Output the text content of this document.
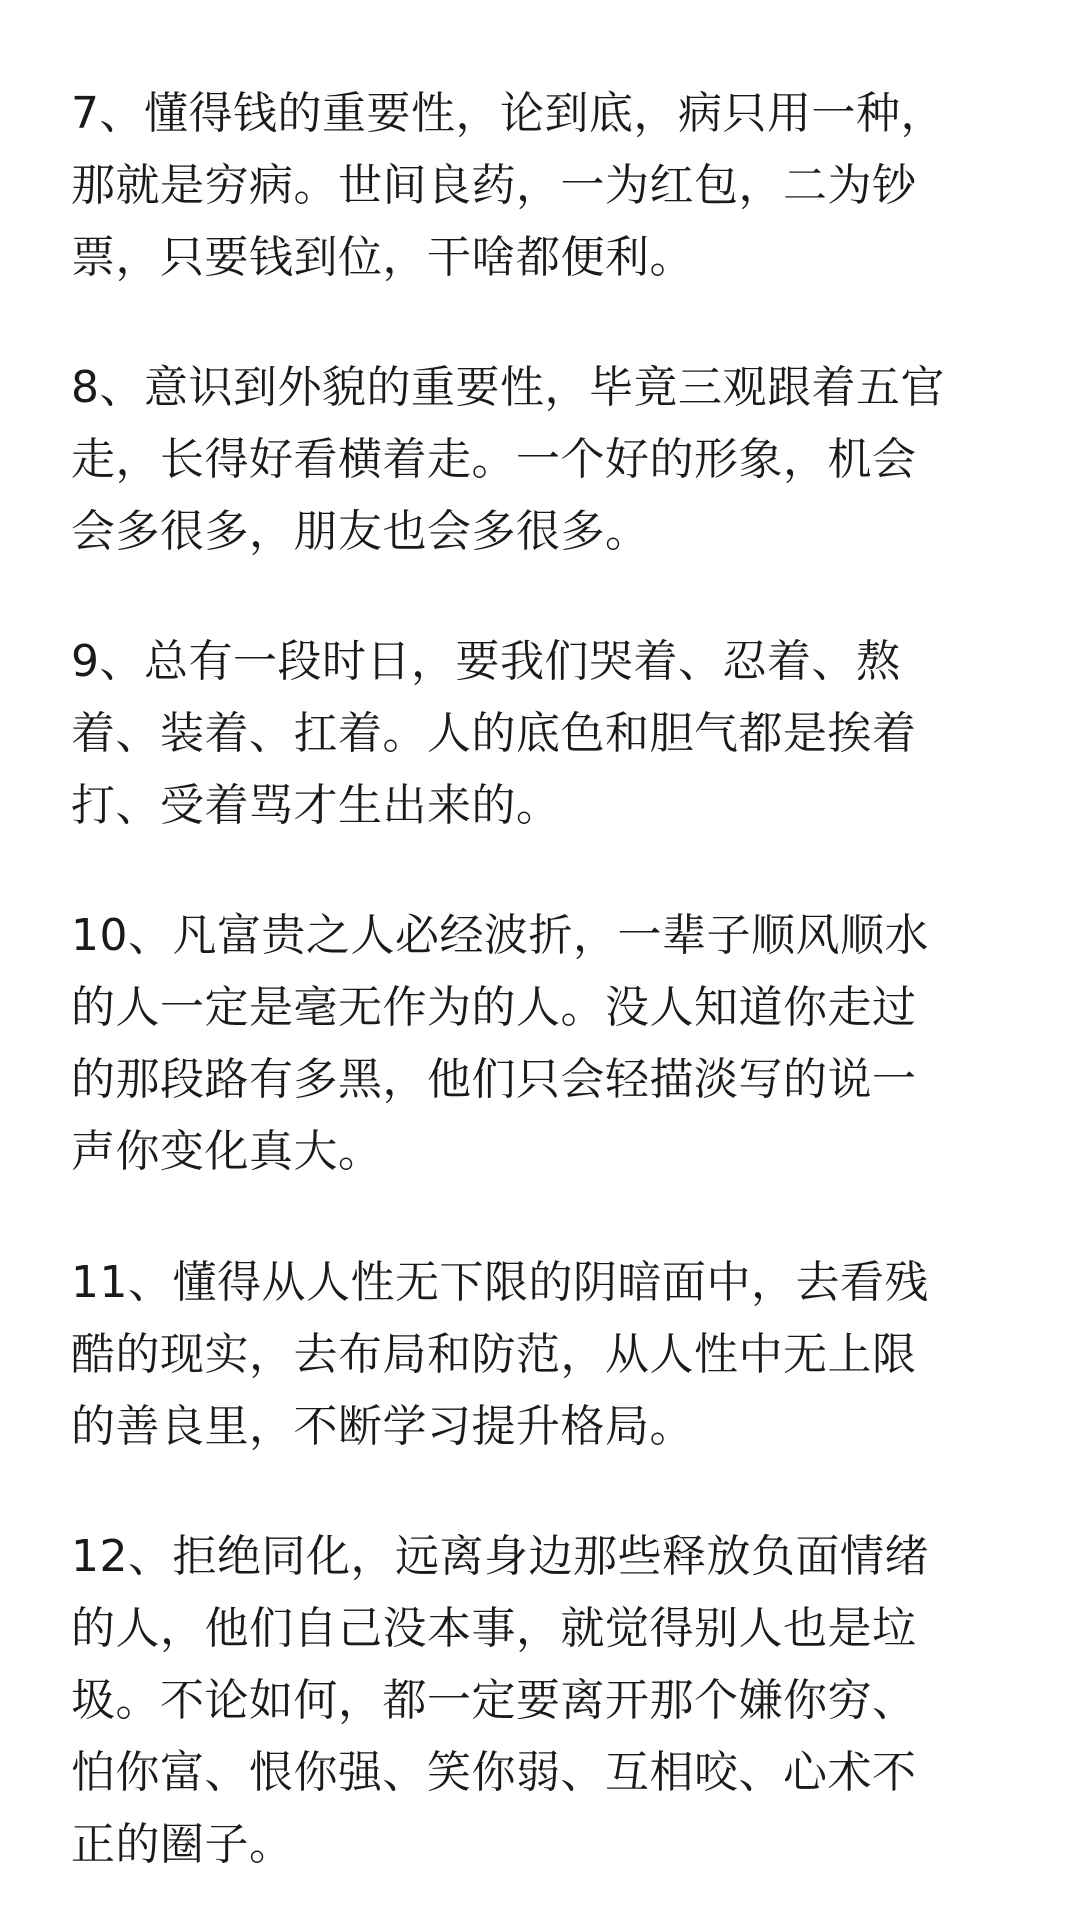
7、懂得钱的重要性，论到底，病只用一种，
那就是穷病。世间良药，一为红包，二为钞
票，只要钱到位，干啥都便利。

8、意识到外貌的重要性，毕竟三观跟着五官
走，长得好看横着走。一个好的形象，机会
会多很多，朋友也会多很多。

9、总有一段时日，要我们哭着、忍着、熬
着、装着、扛着。人的底色和胆气都是挨着
打、受着骂才生出来的。

10、凡富贵之人必经波折，一辈子顺风顺水
的人一定是毫无作为的人。没人知道你走过
的那段路有多黑，他们只会轻描淡写的说一
声你变化真大。

11、懂得从人性无下限的阴暗面中，去看残
酷的现实，去布局和防范，从人性中无上限
的善良里，不断学习提升格局。

12、拒绝同化，远离身边那些释放负面情绪
的人，他们自己没本事，就觉得别人也是垃
圾。不论如何，都一定要离开那个嫌你穷、
怕你富、恨你强、笑你弱、互相咬、心术不
正的圈子。
